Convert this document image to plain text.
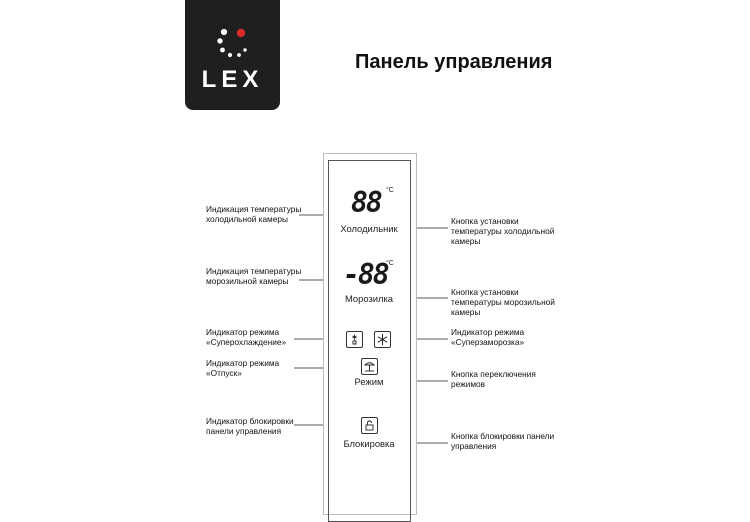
LEX
Панель управления
88 °C
Холодильник
-88
°C
Морозилка
Режим
Блокировка
Индикация температуры
холодильной камеры
Индикация температуры
морозильной камеры
Индикатор режима
«Суперохлаждение»
Индикатор режима
«Отпуск»
Индикатор блокировки
панели управления
Кнопка установки
температуры холодильной
камеры
Кнопка установки
температуры морозильной
камеры
Индикатор режима
«Суперзаморозка»
Кнопка переключения
режимов
Кнопка блокировки панели
управления
